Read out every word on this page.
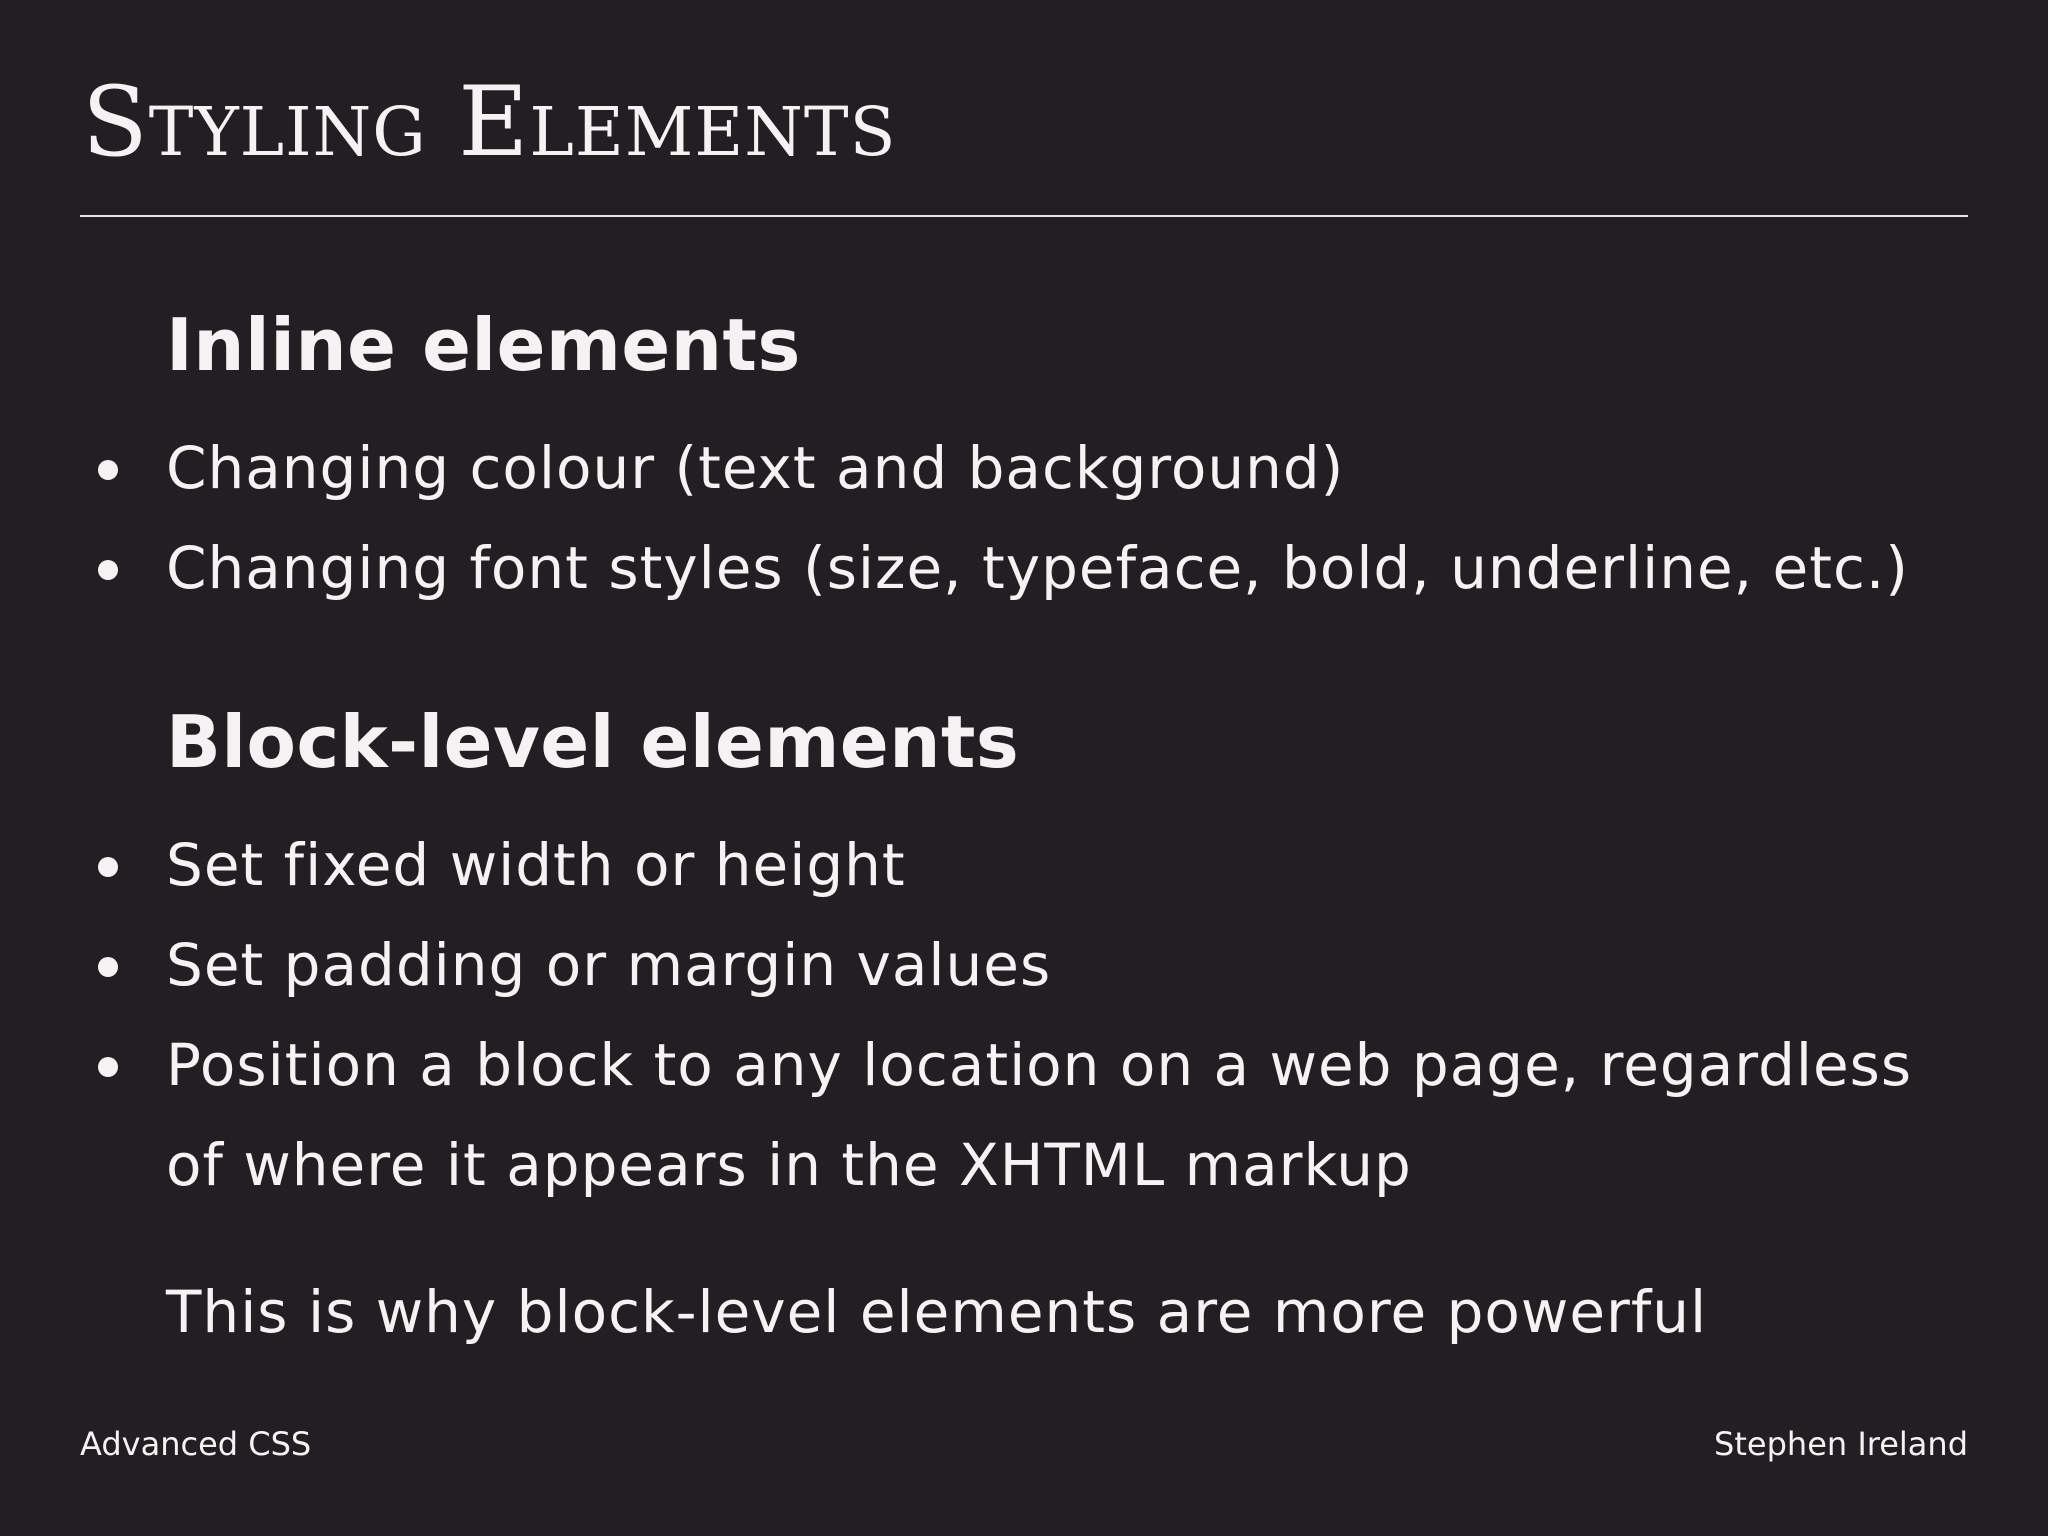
Styling Elements
Inline elements
Changing colour (text and background)
Changing font styles (size, typeface, bold, underline, etc.)
Block-level elements
Set fixed width or height
Set padding or margin values
Position a block to any location on a web page, regardless
of where it appears in the XHTML markup

This is why block-level elements are more powerful

Advanced CSS	Stephen Ireland
